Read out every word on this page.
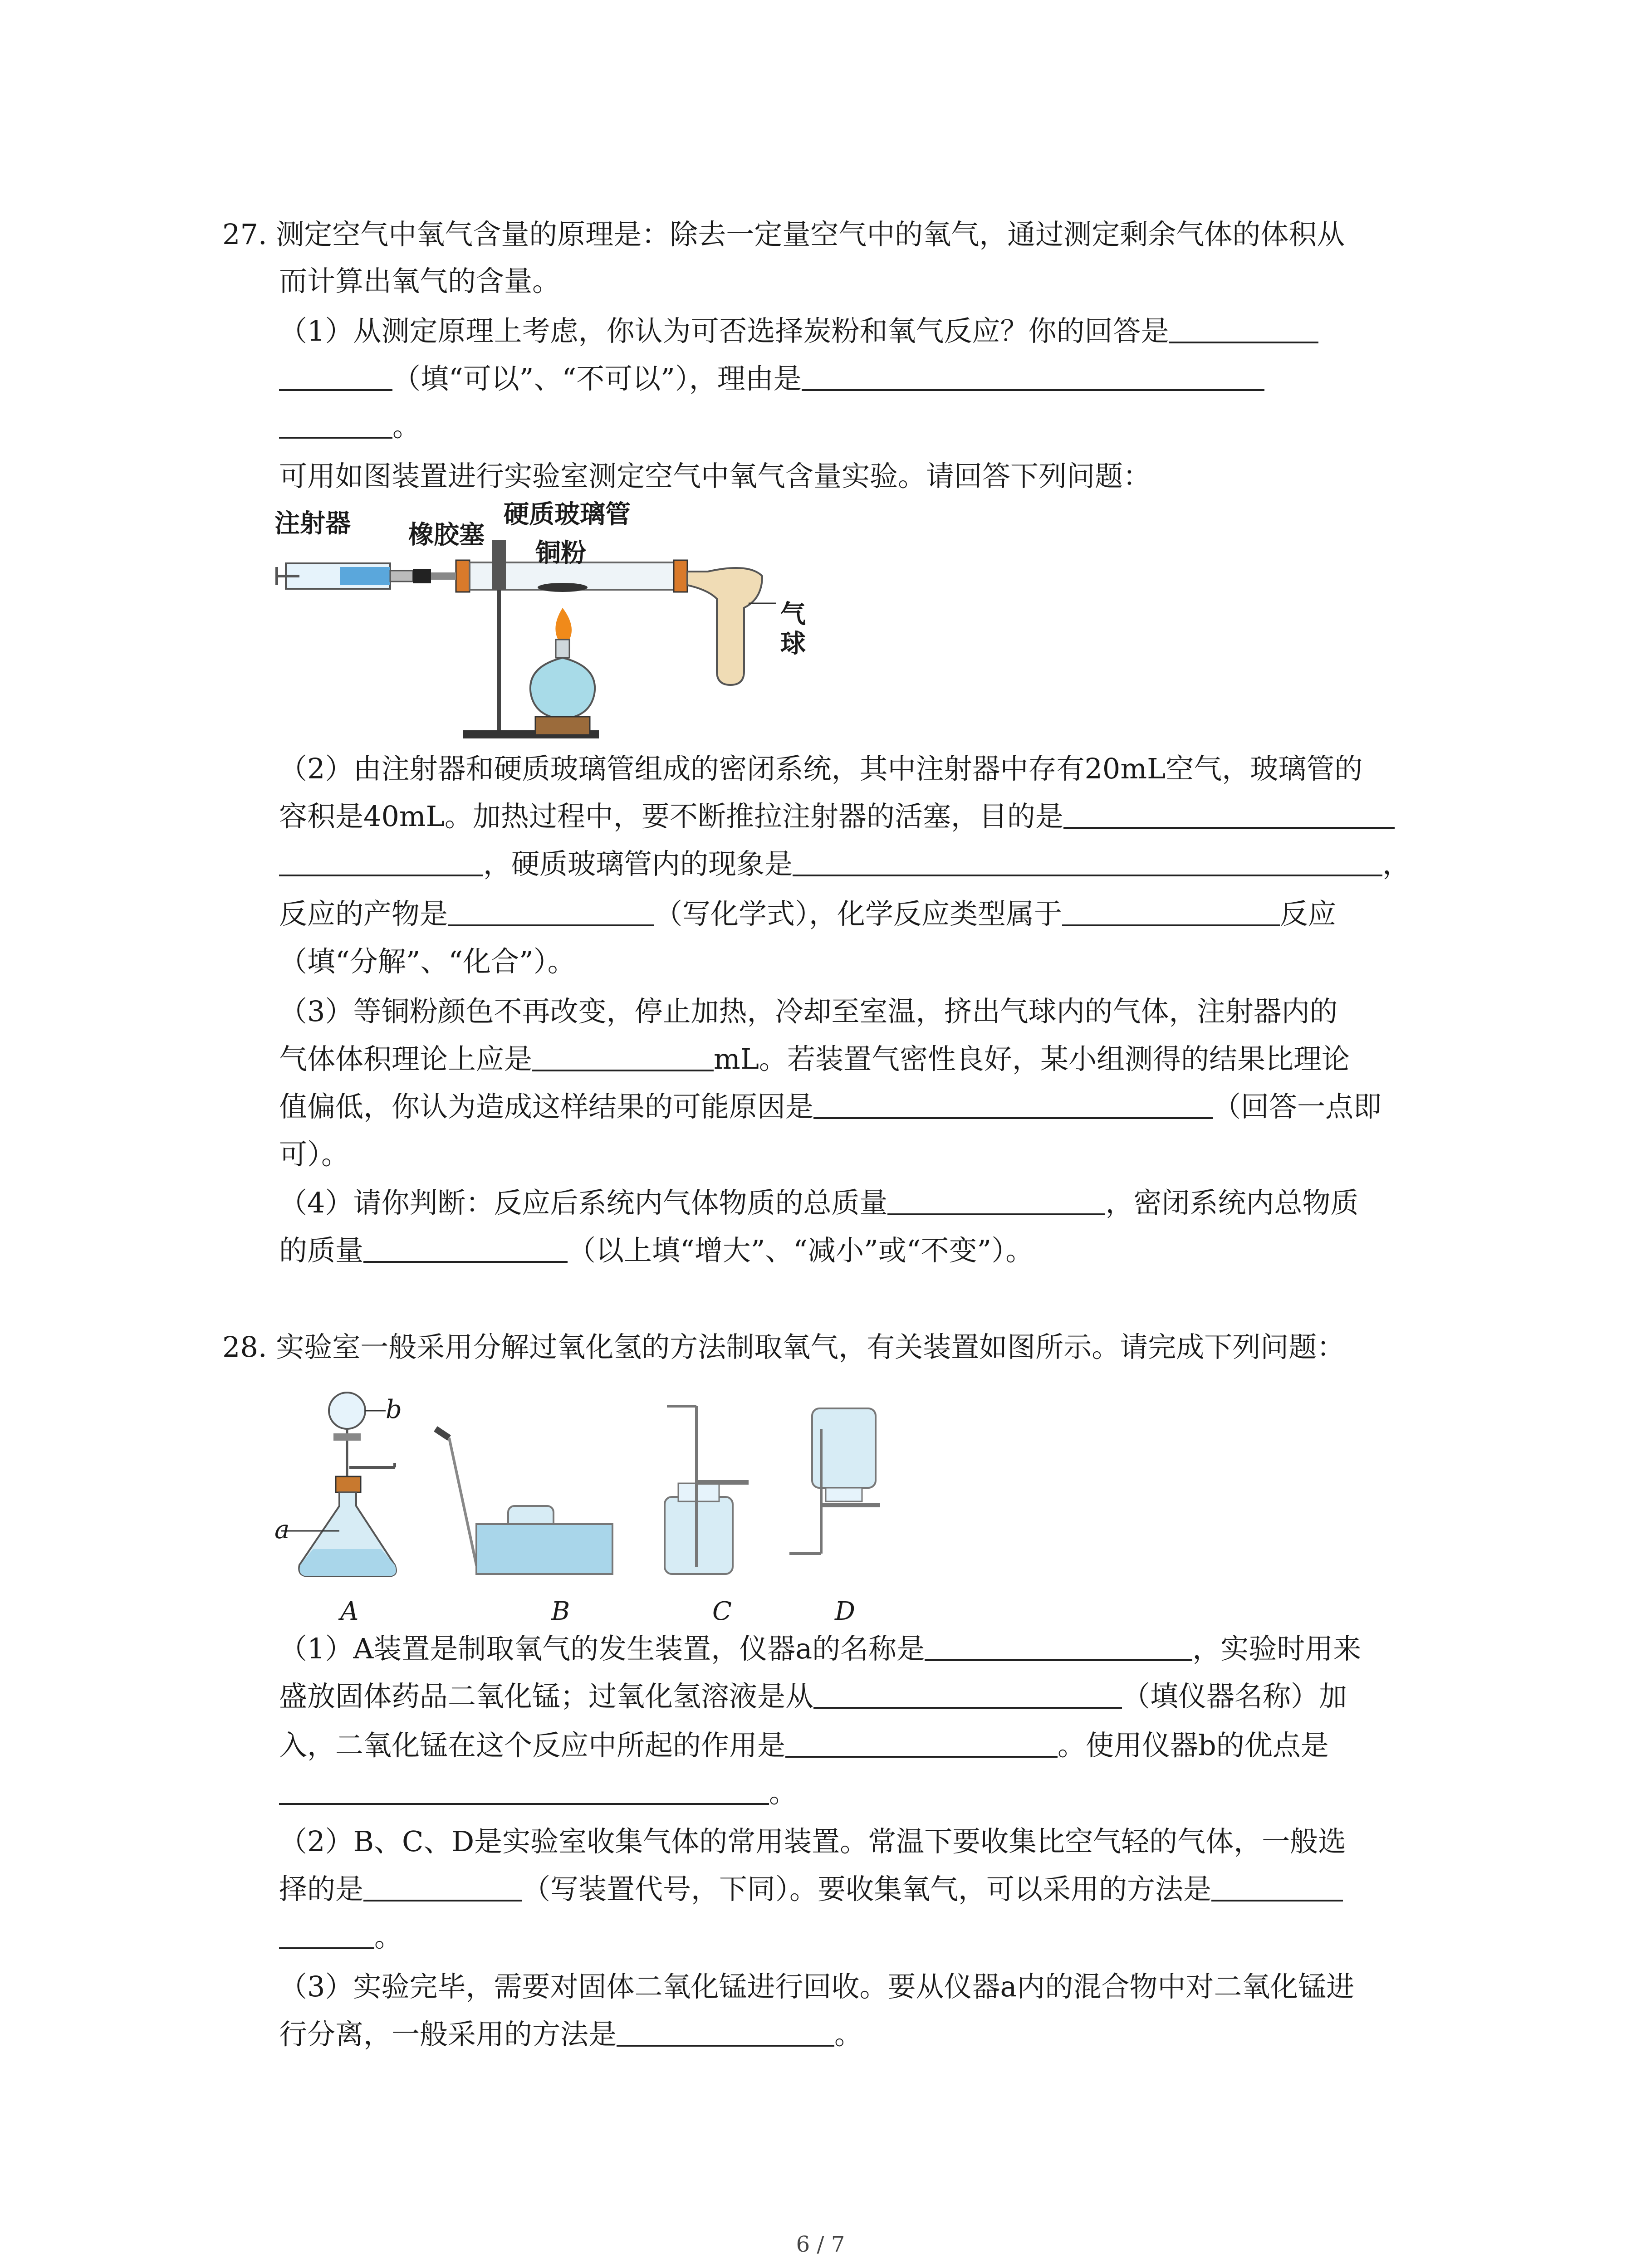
27. 测定空气中氧气含量的原理是：除去一定量空气中的氧气，通过测定剩余气体的体积从
而计算出氧气的含量。
（1）从测定原理上考虑，你认为可否选择炭粉和氧气反应？你的回答是
（填“可以”、“不可以”），理由是
。
可用如图装置进行实验室测定空气中氧气含量实验。请回答下列问题：
注射器 橡胶塞
硬质玻璃管
铜粉
气
球
（2）由注射器和硬质玻璃管组成的密闭系统，其中注射器中存有20mL空气，玻璃管的
容积是40mL。加热过程中，要不断推拉注射器的活塞，目的是
，硬质玻璃管内的现象是	，
反应的产物是	（写化学式），化学反应类型属于	反应
（填“分解”、“化合”）。
（3）等铜粉颜色不再改变，停止加热，冷却至室温，挤出气球内的气体，注射器内的
气体体积理论上应是	mL。若装置气密性良好，某小组测得的结果比理论
值偏低，你认为造成这样结果的可能原因是	（回答一点即
可）。
（4）请你判断：反应后系统内气体物质的总质量	，密闭系统内总物质
的质量	（以上填“增大”、“减小”或“不变”）。
28. 实验室一般采用分解过氧化氢的方法制取氧气，有关装置如图所示。请完成下列问题：
b
a
A	B	C	D
（1）A装置是制取氧气的发生装置，仪器a的名称是	，实验时用来
盛放固体药品二氧化锰；过氧化氢溶液是从	（填仪器名称）加
入，二氧化锰在这个反应中所起的作用是	。使用仪器b的优点是
。
（2）B、C、D是实验室收集气体的常用装置。常温下要收集比空气轻的气体，一般选
择的是	（写装置代号，下同）。要收集氧气，可以采用的方法是
。
（3）实验完毕，需要对固体二氧化锰进行回收。要从仪器a内的混合物中对二氧化锰进
行分离，一般采用的方法是	。
6 / 7
